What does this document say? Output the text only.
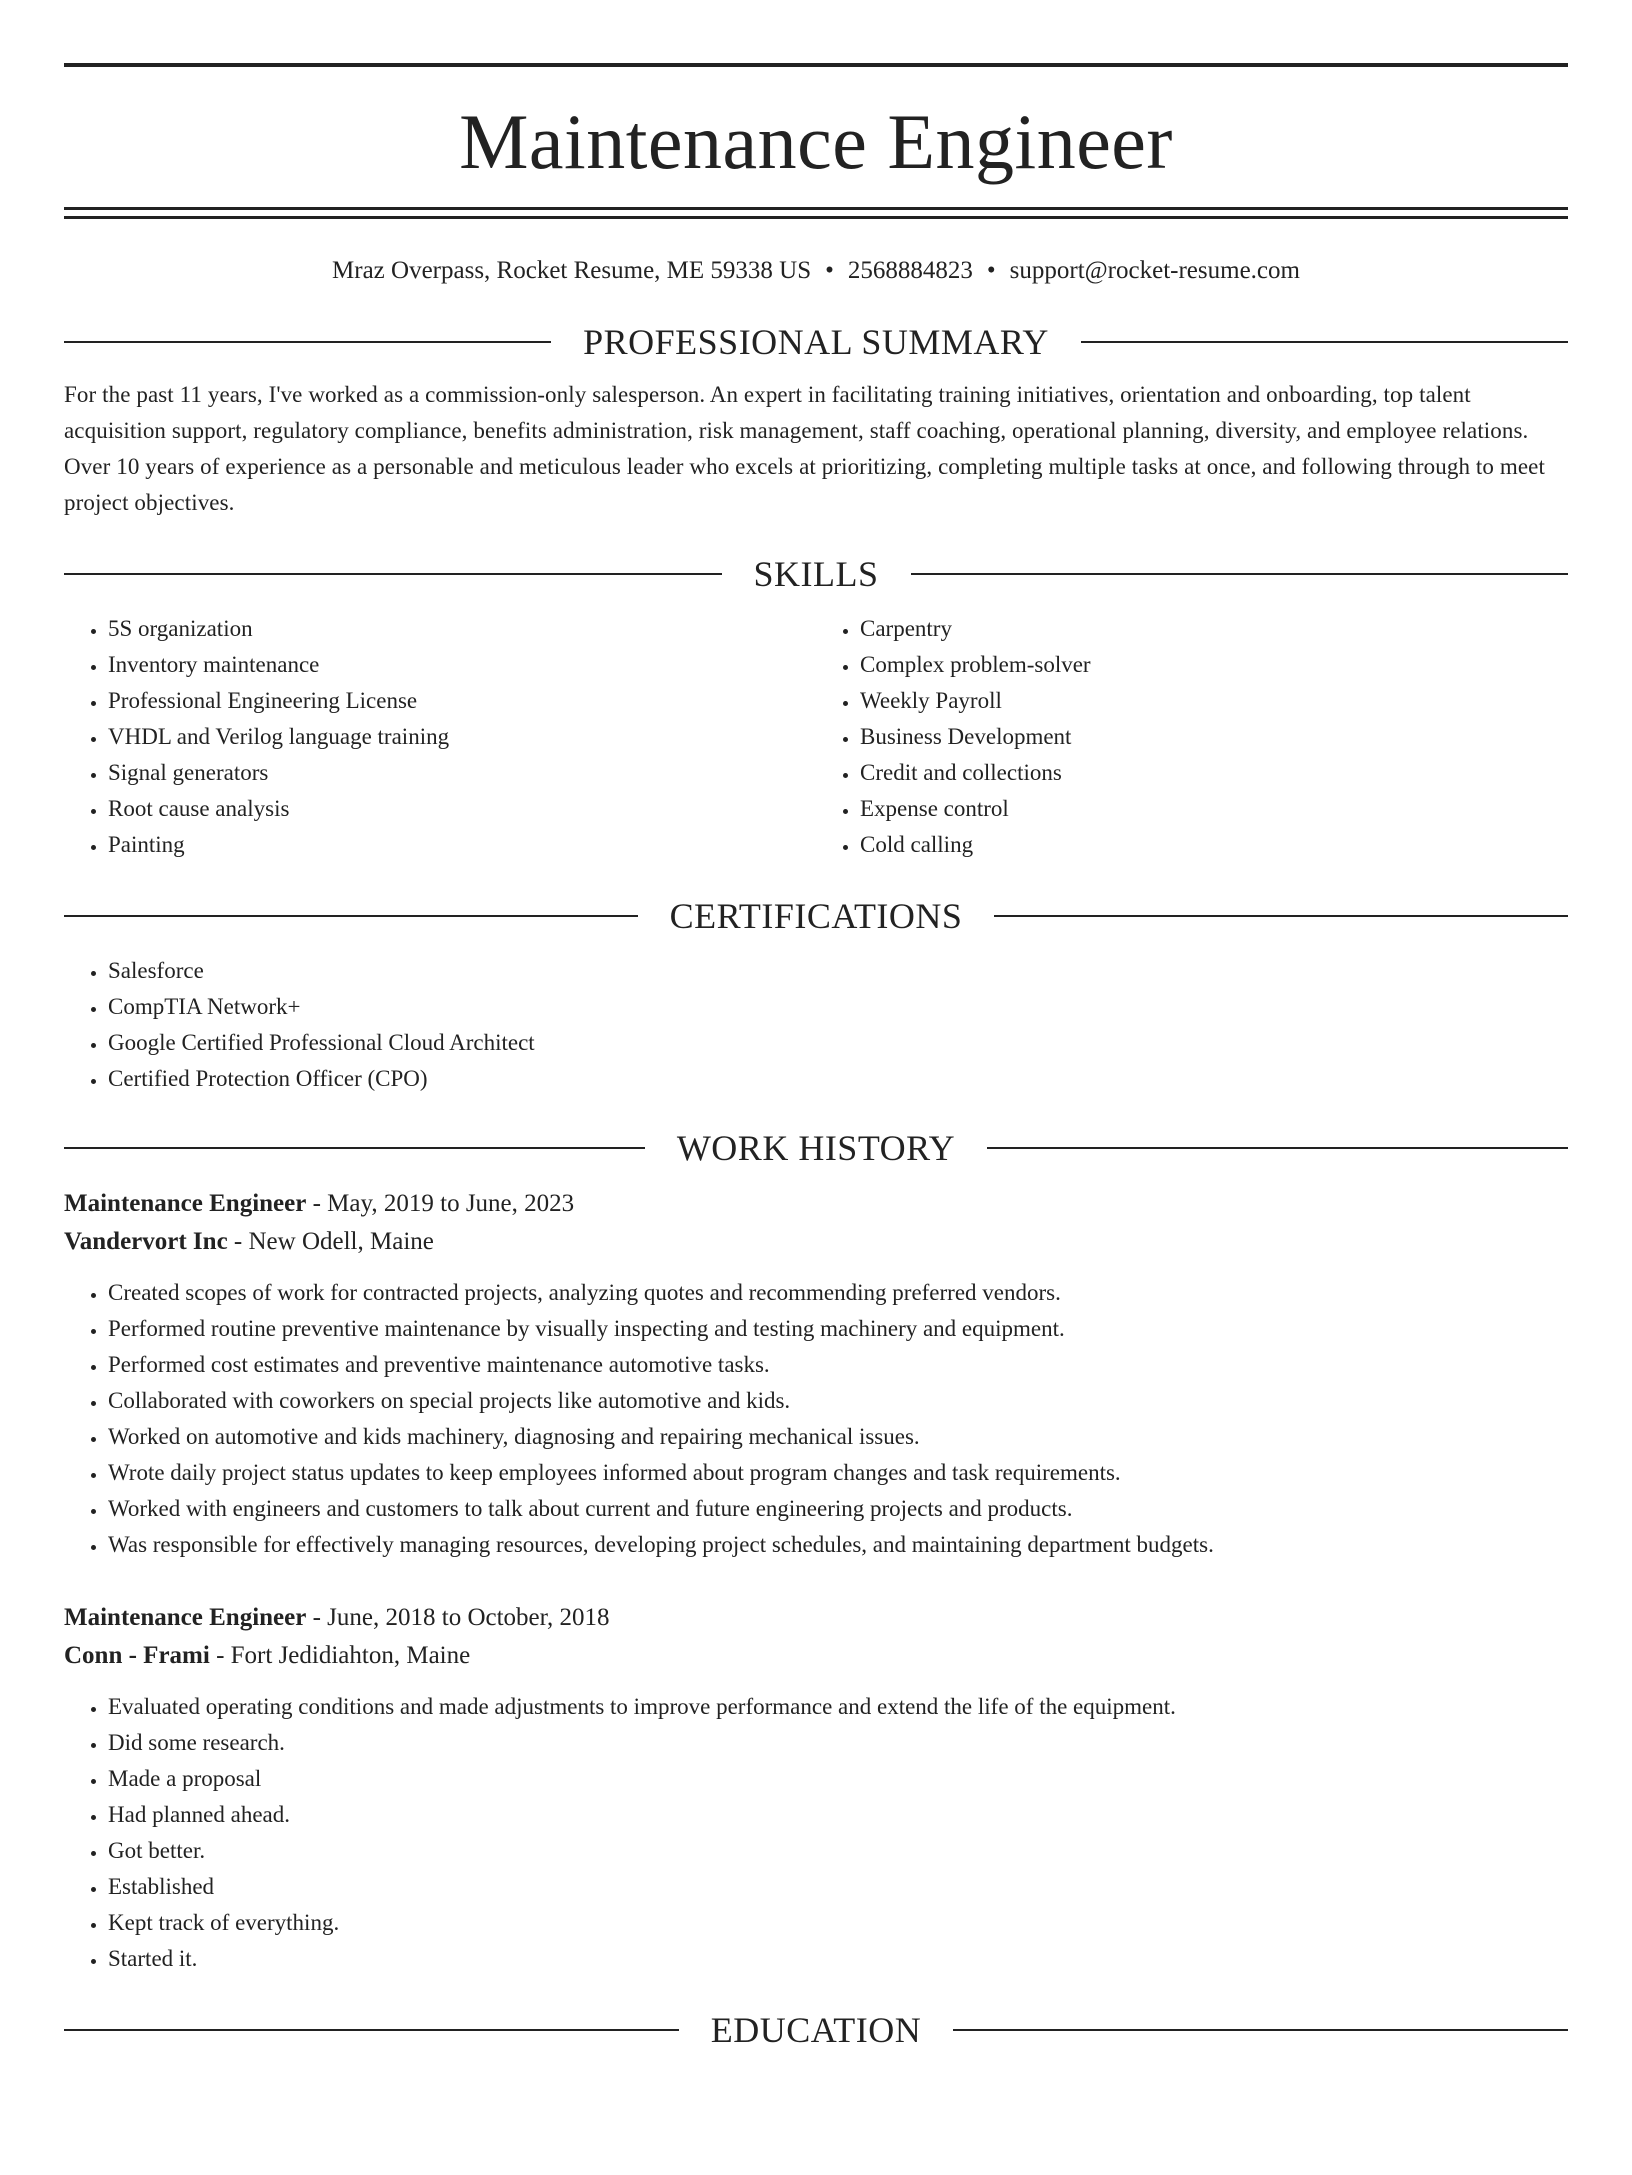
Maintenance Engineer
Mraz Overpass, Rocket Resume, ME 59338 US • 2568884823 • support@rocket-resume.com
PROFESSIONAL SUMMARY
For the past 11 years, I've worked as a commission-only salesperson. An expert in facilitating training initiatives, orientation and onboarding, top talent acquisition support, regulatory compliance, benefits administration, risk management, staff coaching, operational planning, diversity, and employee relations. Over 10 years of experience as a personable and meticulous leader who excels at prioritizing, completing multiple tasks at once, and following through to meet project objectives.
SKILLS
• 5S organization
• Inventory maintenance
• Professional Engineering License
• VHDL and Verilog language training
• Signal generators
• Root cause analysis
• Painting
• Carpentry
• Complex problem-solver
• Weekly Payroll
• Business Development
• Credit and collections
• Expense control
• Cold calling
CERTIFICATIONS
• Salesforce
• CompTIA Network+
• Google Certified Professional Cloud Architect
• Certified Protection Officer (CPO)
WORK HISTORY
Maintenance Engineer - May, 2019 to June, 2023
Vandervort Inc - New Odell, Maine
• Created scopes of work for contracted projects, analyzing quotes and recommending preferred vendors.
• Performed routine preventive maintenance by visually inspecting and testing machinery and equipment.
• Performed cost estimates and preventive maintenance automotive tasks.
• Collaborated with coworkers on special projects like automotive and kids.
• Worked on automotive and kids machinery, diagnosing and repairing mechanical issues.
• Wrote daily project status updates to keep employees informed about program changes and task requirements.
• Worked with engineers and customers to talk about current and future engineering projects and products.
• Was responsible for effectively managing resources, developing project schedules, and maintaining department budgets.
Maintenance Engineer - June, 2018 to October, 2018
Conn - Frami - Fort Jedidiahton, Maine
• Evaluated operating conditions and made adjustments to improve performance and extend the life of the equipment.
• Did some research.
• Made a proposal
• Had planned ahead.
• Got better.
• Established
• Kept track of everything.
• Started it.
EDUCATION
